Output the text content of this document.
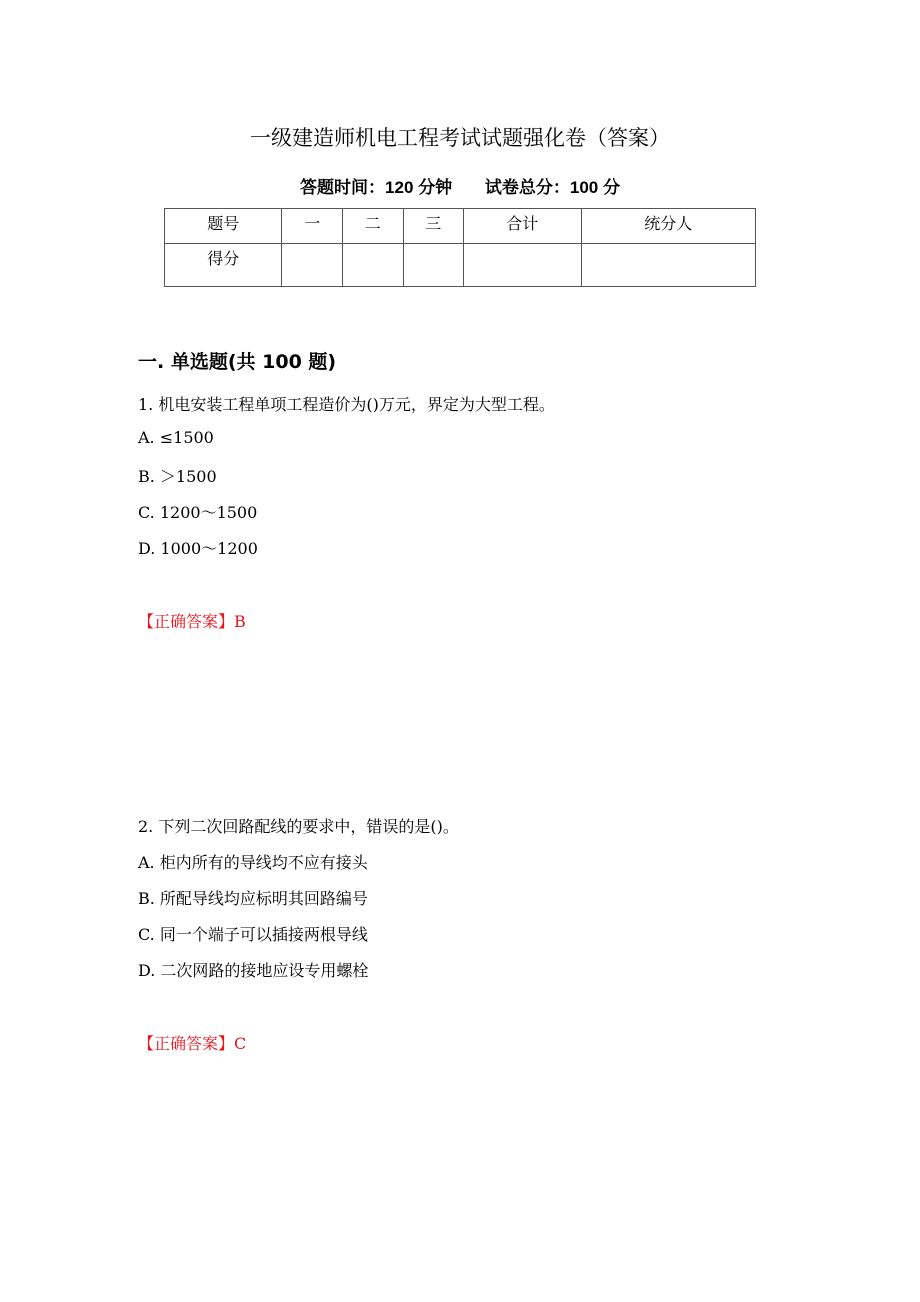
一级建造师机电工程考试试题强化卷（答案）
答题时间：120 分钟 试卷总分：100 分
题号	一	二	三	合计	统分人
得分					
一. 单选题(共 100 题)
1. 机电安装工程单项工程造价为()万元，界定为大型工程。
A. ≤1500
B. ＞1500
C. 1200～1500
D. 1000～1200
【正确答案】B
2. 下列二次回路配线的要求中，错误的是()。
A. 柜内所有的导线均不应有接头
B. 所配导线均应标明其回路编号
C. 同一个端子可以插接两根导线
D. 二次网路的接地应设专用螺栓
【正确答案】C
